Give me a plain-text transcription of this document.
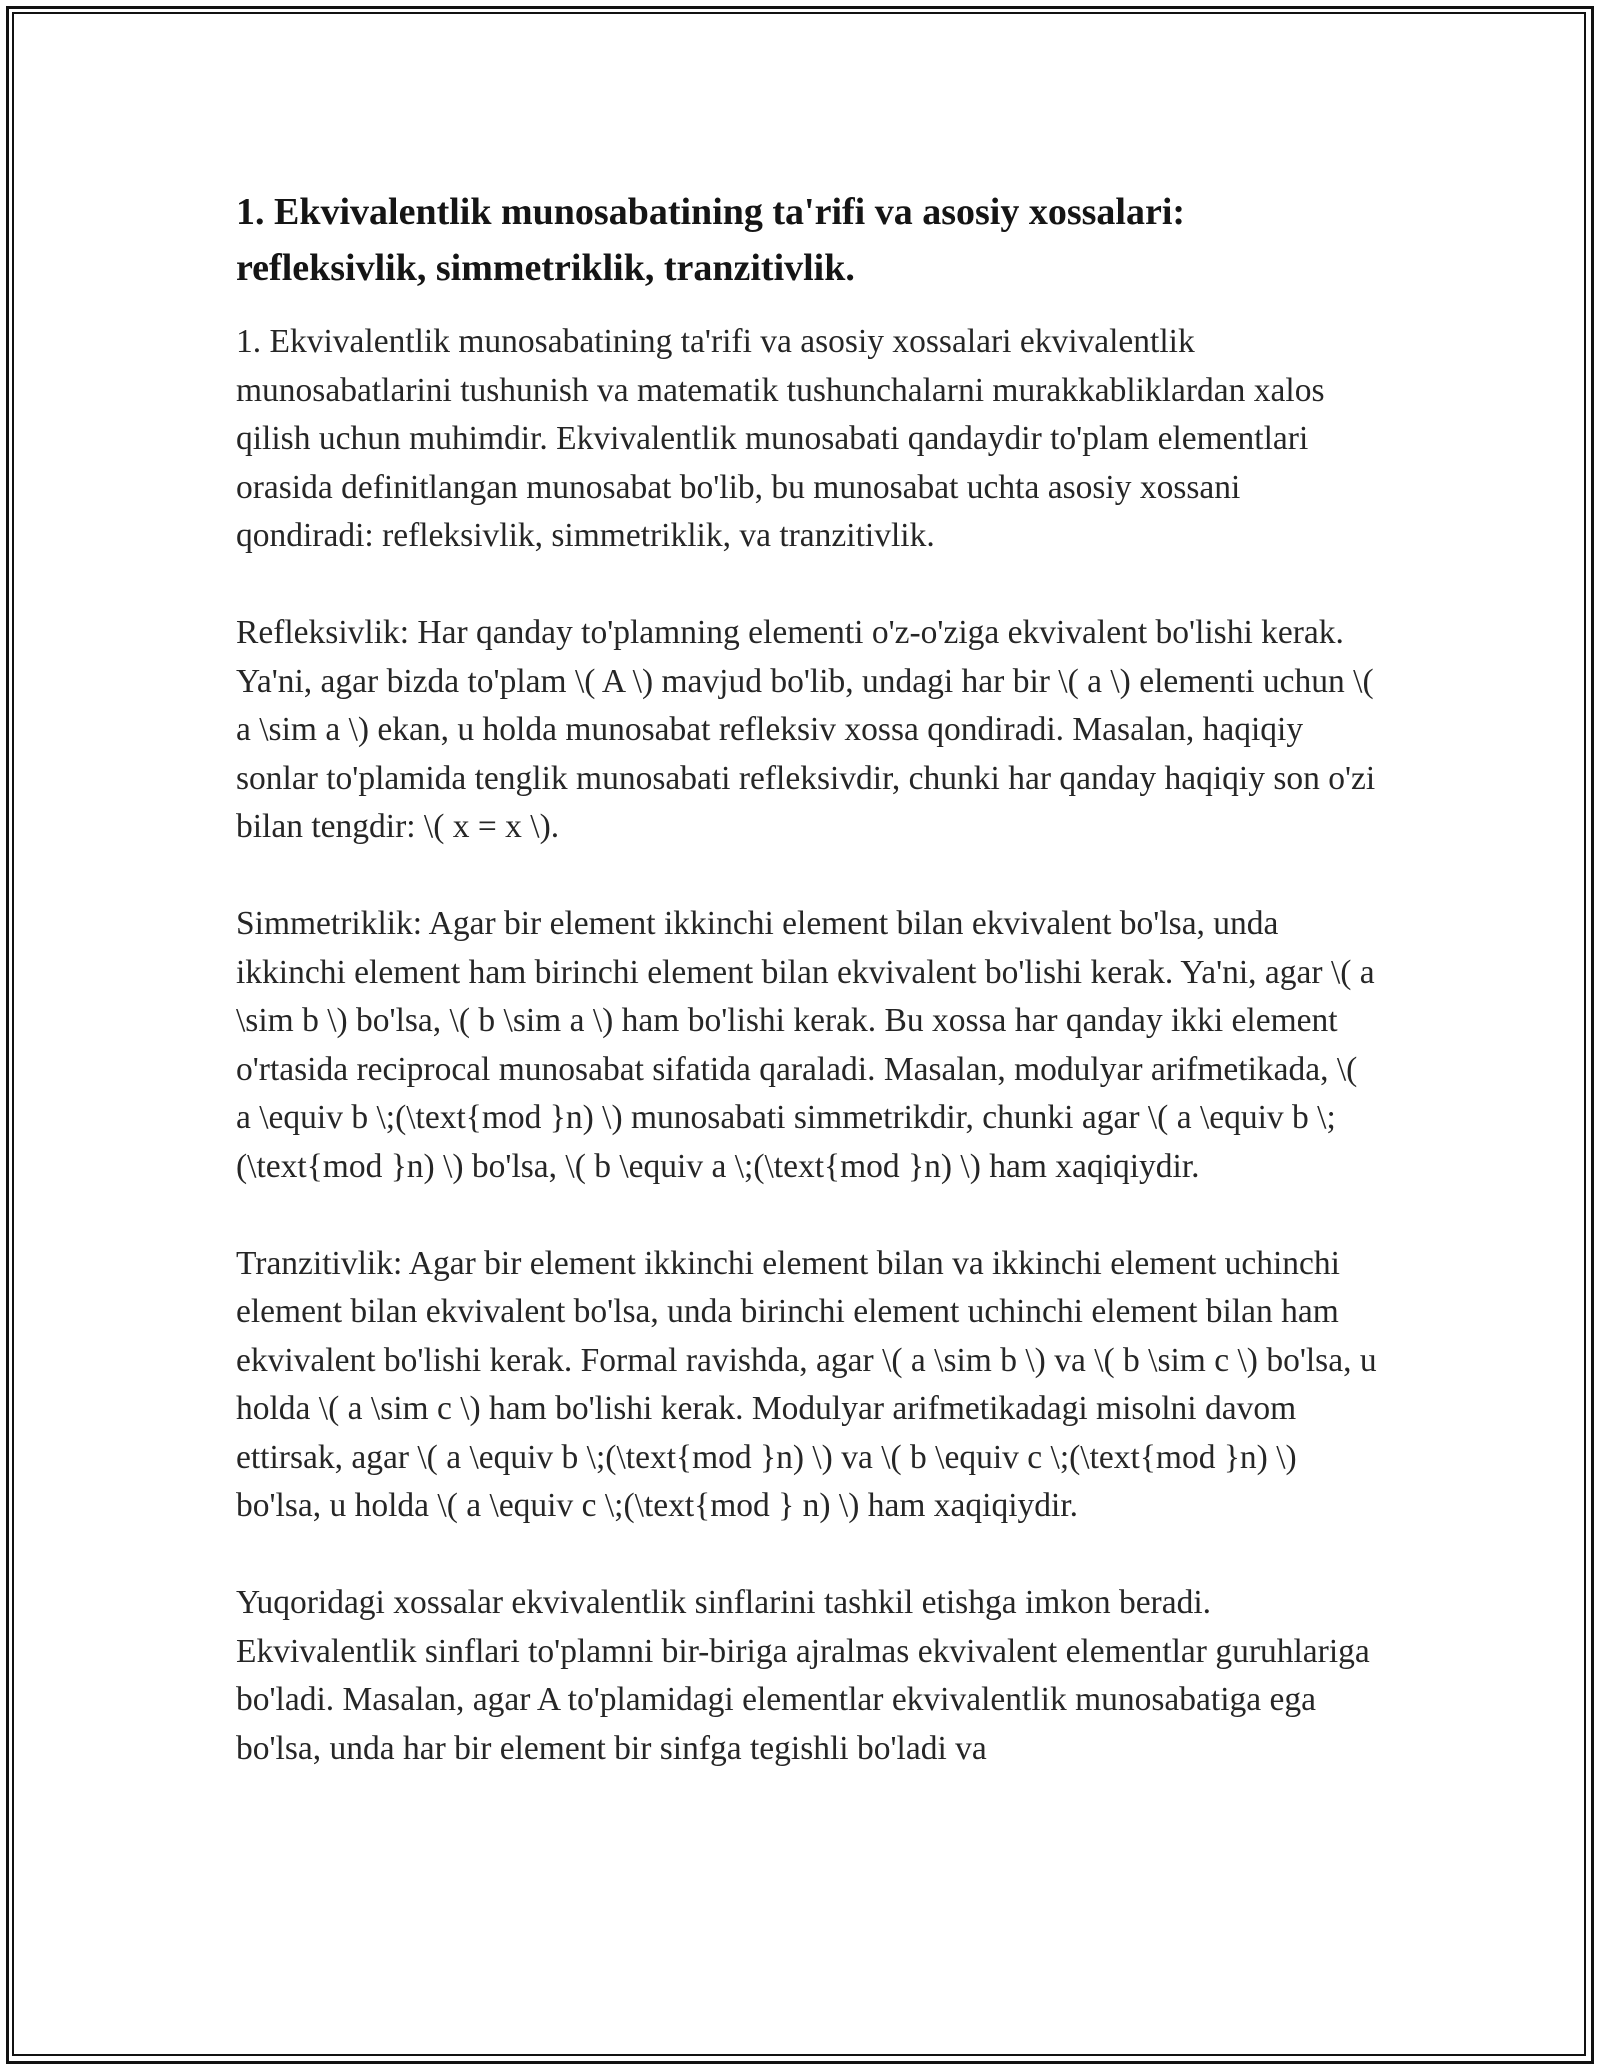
1. Ekvivalentlik munosabatining ta'rifi va asosiy xossalari: refleksivlik, simmetriklik, tranzitivlik.

1. Ekvivalentlik munosabatining ta'rifi va asosiy xossalari ekvivalentlik munosabatlarini tushunish va matematik tushunchalarni murakkabliklardan xalos qilish uchun muhimdir. Ekvivalentlik munosabati qandaydir to'plam elementlari orasida definitlangan munosabat bo'lib, bu munosabat uchta asosiy xossani qondiradi: refleksivlik, simmetriklik, va tranzitivlik.

Refleksivlik: Har qanday to'plamning elementi o'z-o'ziga ekvivalent bo'lishi kerak. Ya'ni, agar bizda to'plam \( A \) mavjud bo'lib, undagi har bir \( a \) elementi uchun \( a \sim a \) ekan, u holda munosabat refleksiv xossa qondiradi. Masalan, haqiqiy sonlar to'plamida tenglik munosabati refleksivdir, chunki har qanday haqiqiy son o'zi bilan tengdir: \( x = x \).

Simmetriklik: Agar bir element ikkinchi element bilan ekvivalent bo'lsa, unda ikkinchi element ham birinchi element bilan ekvivalent bo'lishi kerak. Ya'ni, agar \( a \sim b \) bo'lsa, \( b \sim a \) ham bo'lishi kerak. Bu xossa har qanday ikki element o'rtasida reciprocal munosabat sifatida qaraladi. Masalan, modulyar arifmetikada, \( a \equiv b \;(\text{mod }n) \) munosabati simmetrikdir, chunki agar \( a \equiv b \;(\text{mod }n) \) bo'lsa, \( b \equiv a \;(\text{mod }n) \) ham xaqiqiydir.

Tranzitivlik: Agar bir element ikkinchi element bilan va ikkinchi element uchinchi element bilan ekvivalent bo'lsa, unda birinchi element uchinchi element bilan ham ekvivalent bo'lishi kerak. Formal ravishda, agar \( a \sim b \) va \( b \sim c \) bo'lsa, u holda \( a \sim c \) ham bo'lishi kerak. Modulyar arifmetikadagi misolni davom ettirsak, agar \( a \equiv b \;(\text{mod }n) \) va \( b \equiv c \;(\text{mod }n) \) bo'lsa, u holda \( a \equiv c \;(\text{mod } n) \) ham xaqiqiydir.

Yuqoridagi xossalar ekvivalentlik sinflarini tashkil etishga imkon beradi. Ekvivalentlik sinflari to'plamni bir-biriga ajralmas ekvivalent elementlar guruhlariga bo'ladi. Masalan, agar A to'plamidagi elementlar ekvivalentlik munosabatiga ega bo'lsa, unda har bir element bir sinfga tegishli bo'ladi va
